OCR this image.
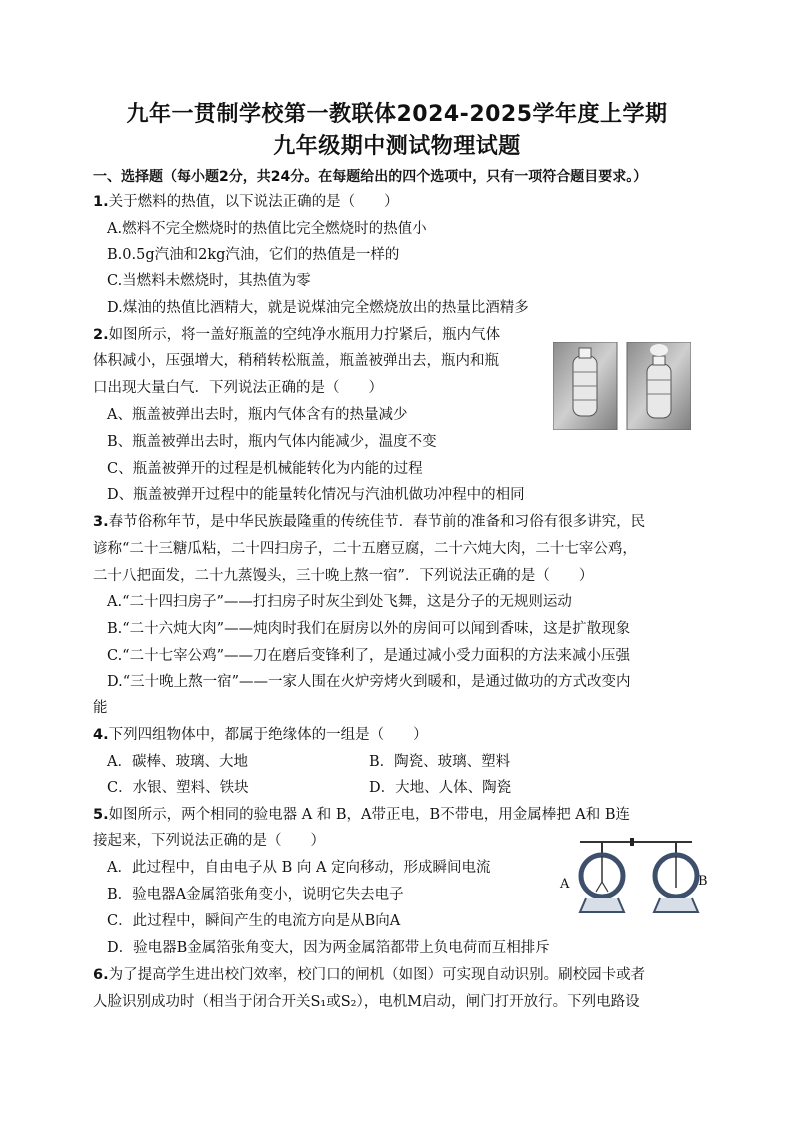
九年一贯制学校第一教联体2024-2025学年度上学期
九年级期中测试物理试题
一、选择题（每小题2分，共24分。在每题给出的四个选项中，只有一项符合题目要求。）
1.关于燃料的热值，以下说法正确的是（　　）
A.燃料不完全燃烧时的热值比完全燃烧时的热值小
B.0.5g汽油和2kg汽油，它们的热值是一样的
C.当燃料未燃烧时，其热值为零
D.煤油的热值比酒精大，就是说煤油完全燃烧放出的热量比酒精多
2.如图所示，将一盖好瓶盖的空纯净水瓶用力拧紧后，瓶内气体
体积减小，压强增大，稍稍转松瓶盖，瓶盖被弹出去，瓶内和瓶
口出现大量白气．下列说法正确的是（　　）
A、瓶盖被弹出去时，瓶内气体含有的热量减少
B、瓶盖被弹出去时，瓶内气体内能减少，温度不变
C、瓶盖被弹开的过程是机械能转化为内能的过程
D、瓶盖被弹开过程中的能量转化情况与汽油机做功冲程中的相同
3.春节俗称年节，是中华民族最隆重的传统佳节．春节前的准备和习俗有很多讲究，民
谚称“二十三糖瓜粘，二十四扫房子，二十五磨豆腐，二十六炖大肉，二十七宰公鸡，
二十八把面发，二十九蒸馒头，三十晚上熬一宿”．下列说法正确的是（　　）
A.“二十四扫房子”——打扫房子时灰尘到处飞舞，这是分子的无规则运动
B.“二十六炖大肉”——炖肉时我们在厨房以外的房间可以闻到香味，这是扩散现象
C.“二十七宰公鸡”——刀在磨后变锋利了，是通过减小受力面积的方法来减小压强
D.“三十晚上熬一宿”——一家人围在火炉旁烤火到暖和，是通过做功的方式改变内
能
4.下列四组物体中，都属于绝缘体的一组是（　　）
A．碳棒、玻璃、大地	B．陶瓷、玻璃、塑料
C．水银、塑料、铁块	D．大地、人体、陶瓷
5.如图所示，两个相同的验电器 A 和 B，A带正电，B不带电，用金属棒把 A和 B连
接起来，下列说法正确的是（　　）
A．此过程中，自由电子从 B 向 A 定向移动，形成瞬间电流
B．验电器A金属箔张角变小，说明它失去电子
C．此过程中，瞬间产生的电流方向是从B向A
D．验电器B金属箔张角变大，因为两金属箔都带上负电荷而互相排斥
A	B
6.为了提高学生进出校门效率，校门口的闸机（如图）可实现自动识别。刷校园卡或者
人脸识别成功时（相当于闭合开关S₁或S₂），电机M启动，闸门打开放行。下列电路设
